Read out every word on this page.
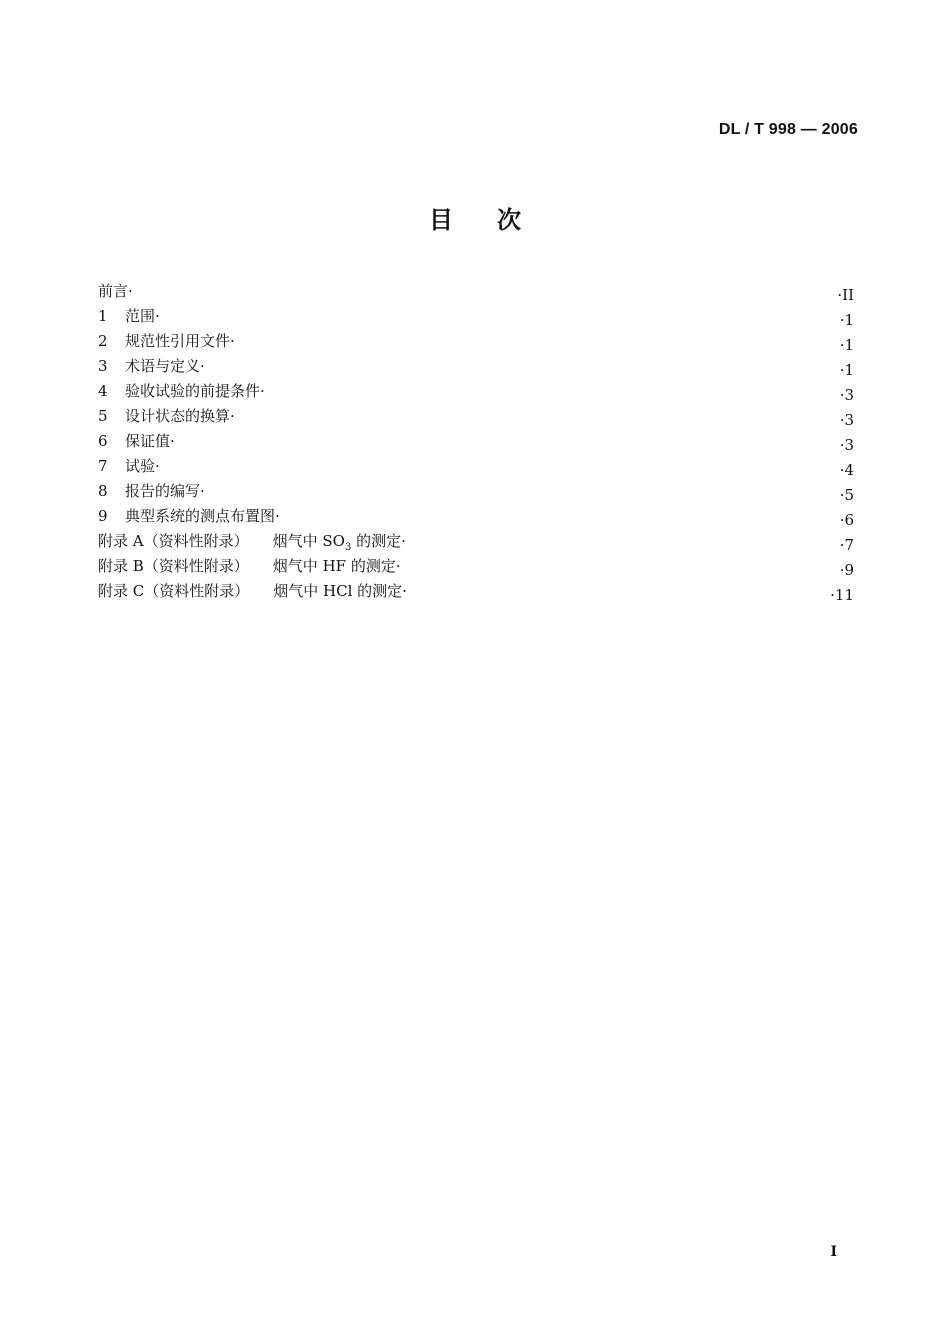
DL / T 998 — 2006
目次
前言·	·II
1 范围·	·1
2 规范性引用文件·	·1
3 术语与定义·	·1
4 验收试验的前提条件·	·3
5 设计状态的换算·	·3
6 保证值·	·3
7 试验·	·4
8 报告的编写·	·5
9 典型系统的测点布置图·	·6
附录 A（资料性附录） 烟气中 $SO_3$ 的测定·	·7
附录 B（资料性附录） 烟气中 HF 的测定·	·9
附录 C（资料性附录） 烟气中 HCl 的测定·	·11
I
